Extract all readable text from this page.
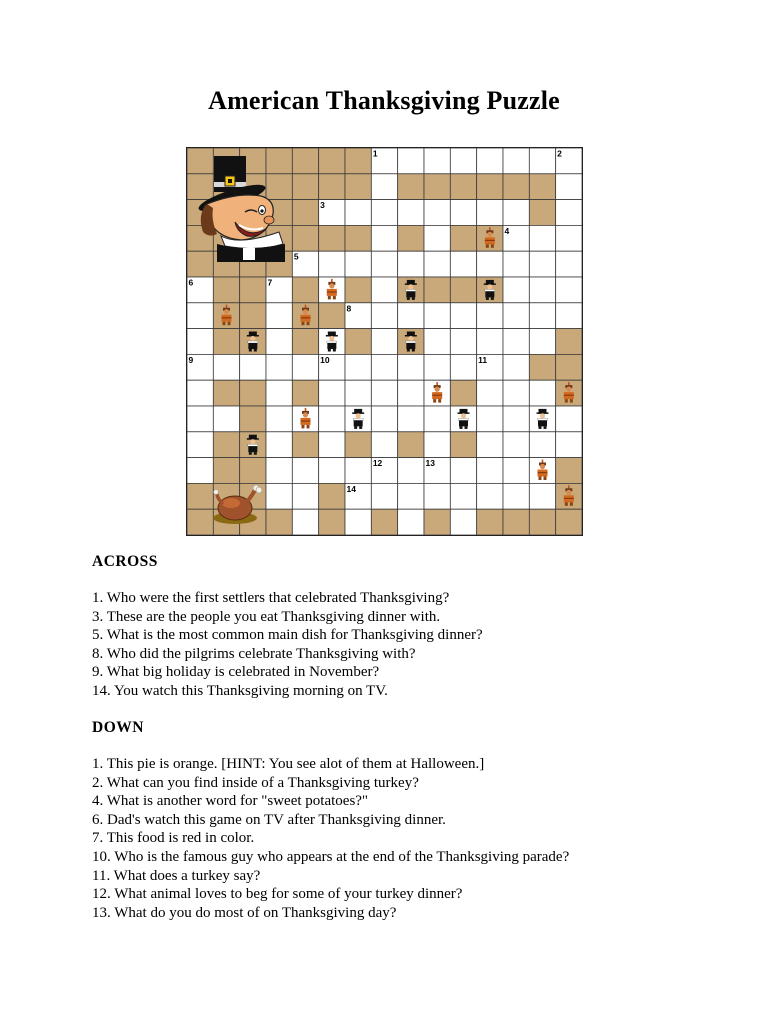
American Thanksgiving Puzzle
1	2
3
4
5
6	7
8
9	10	11
12	13
14
ACROSS
1. Who were the first settlers that celebrated Thanksgiving?
3. These are the people you eat Thanksgiving dinner with.
5. What is the most common main dish for Thanksgiving dinner?
8. Who did the pilgrims celebrate Thanksgiving with?
9. What big holiday is celebrated in November?
14. You watch this Thanksgiving morning on TV.
DOWN
1. This pie is orange. [HINT: You see alot of them at Halloween.]
2. What can you find inside of a Thanksgiving turkey?
4. What is another word for "sweet potatoes?"
6. Dad's watch this game on TV after Thanksgiving dinner.
7. This food is red in color.
10. Who is the famous guy who appears at the end of the Thanksgiving parade?
11. What does a turkey say?
12. What animal loves to beg for some of your turkey dinner?
13. What do you do most of on Thanksgiving day?
